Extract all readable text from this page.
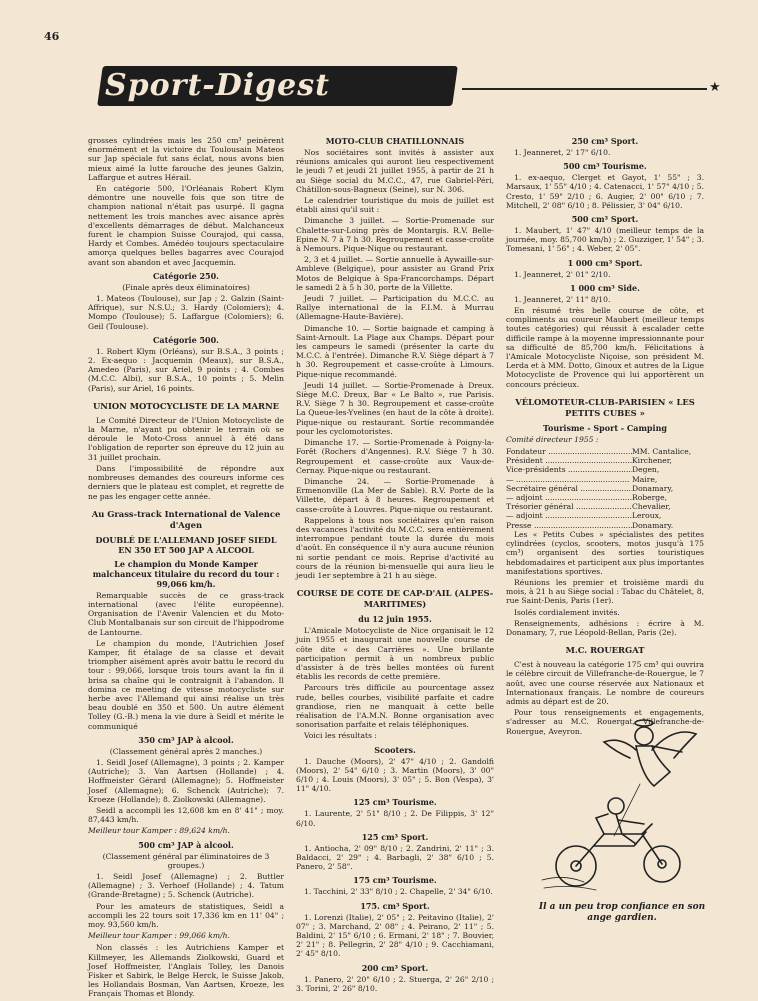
46
Sport-Digest	★

grosses cylindrées mais les 250 cm³ peinèrent énormément et la victoire du Toulousain Mateos sur Jap spéciale fut sans éclat, nous avons bien mieux aimé la lutte farouche des jeunes Galzin, Laffargue et autres Hérail.

En catégorie 500, l'Orléanais Robert Klym démontre une nouvelle fois que son titre de champion national n'était pas usurpé. Il gagna nettement les trois manches avec aisance après d'excellents démarrages de début. Malchanceux furent le champion Suisse Courajod, qui cassa, Hardy et Combes. Amédéo toujours spectaculaire amorça quelques belles bagarres avec Courajod avant son abandon et avec Jacquemin.

Catégorie 250.
(Finale après deux éliminatoires)

1. Mateos (Toulouse), sur Jap ; 2. Galzin (Saint-Affrique), sur N.S.U.; 3. Hardy (Colomiers); 4. Mompo (Toulouse); 5. Laffargue (Colomiers); 6. Geil (Toulouse).

Catégorie 500.

1. Robert Klym (Orléans), sur B.S.A., 3 points ; 2. Ex-aequo : Jacquemin (Meaux), sur B.S.A., Amedeo (Paris), sur Ariel, 9 points ; 4. Combes (M.C.C. Albi), sur B.S.A., 10 points ; 5. Melin (Paris), sur Ariel, 16 points.

UNION MOTOCYCLISTE DE LA MARNE

Le Comité Directeur de l'Union Motocycliste de la Marne, n'ayant pu obtenir le terrain où se déroule le Moto-Cross annuel à été dans l'obligation de reporter son épreuve du 12 juin au 31 juillet prochain.

Dans l'impossibilité de répondre aux nombreuses demandes des coureurs informe ces derniers que le plateau est complet, et regrette de ne pas les engager cette année.

Au Grass-track International de Valence d'Agen
DOUBLÉ DE L'ALLEMAND JOSEF SIEDL EN 350 ET 500 JAP A ALCOOL
Le champion du Monde Kamper malchanceux titulaire du record du tour : 99,066 km/h.

Remarquable succès de ce grass-track international (avec l'élite européenne). Organisation de l'Avenir Valencien et du Moto-Club Montalbanais sur son circuit de l'hippodrome de Lantourne.

Le champion du monde, l'Autrichien Josef Kamper, fit étalage de sa classe et devait triompher aisément après avoir battu le record du tour : 99,066, lorsque trois tours avant la fin il brisa sa chaîne qui le contraignit à l'abandon. Il domina ce meeting de vitesse motocycliste sur herbe avec l'Allemand qui ainsi réalise un très beau doublé en 350 et 500. Un autre élément Tolley (G.-B.) mena la vie dure à Seidl et mérite le communiqué

350 cm³ JAP à alcool.
(Classement général après 2 manches.)

1. Seidl Josef (Allemagne), 3 points ; 2. Kamper (Autriche); 3. Van Aartsen (Hollande) ; 4. Hoffmeister Gérard (Allemagne); 5. Hoffmeister Josef (Allemagne); 6. Schenck (Autriche); 7. Kroeze (Hollande); 8. Ziolkowski (Allemagne).

Seidl a accompli les 12,608 km en 8' 41" ; moy. 87,443 km/h.

Meilleur tour Kamper : 89,624 km/h.

500 cm³ JAP à alcool.
(Classement général par éliminatoires de 3 groupes.)

1. Seidl Josef (Allemagne) ; 2. Buttler (Allemagne) ; 3. Verhoef (Hollande) ; 4. Tatum (Grande-Bretagne) ; 5. Schenck (Autriche).

Pour les amateurs de statistiques, Seidl a accompli les 22 tours soit 17,336 km en 11' 04" ; moy. 93,560 km/h.

Meilleur tour Kamper : 99,066 km/h.

Non classés : les Autrichiens Kamper et Killmeyer, les Allemands Ziolkowski, Guard et Josef Hoffmeister, l'Anglais Tolley, les Danois Fisker et Sabirk, le Belge Herck, le Suisse Jakob, les Hollandais Bosman, Van Aartsen, Kroeze, les Français Thomas et Blondy.

MOTO-CLUB CHATILLONNAIS

Nos sociétaires sont invités à assister aux réunions amicales qui auront lieu respectivement le jeudi 7 et jeudi 21 juillet 1955, à partir de 21 h au Siège social du M.C.C., 47, rue Gabriel-Péri, Châtillon-sous-Bagneux (Seine), sur N. 306.

Le calendrier touristique du mois de juillet est établi ainsi qu'il suit :

Dimanche 3 juillet. — Sortie-Promenade sur Chalette-sur-Loing près de Montargis. R.V. Belle-Epine N. 7 à 7 h 30. Regroupement et casse-croûte à Nemours. Pique-Nique ou restaurant.

2, 3 et 4 juillet. — Sortie annuelle à Aywaille-sur-Ambleve (Belgique), pour assister au Grand Prix Motos de Belgique à Spa-Francorchamps. Départ le samedi 2 à 5 h 30, porte de la Villette.

Jeudi 7 juillet. — Participation du M.C.C. au Rallye international de la F.I.M. à Murrau (Allemagne-Haute-Bavière).

Dimanche 10. — Sortie baignade et camping à Saint-Arnoult. La Plage aux Champs. Départ pour les campeurs le samedi (présenter la carte du M.C.C. à l'entrée). Dimanche R.V. Siège départ à 7 h 30. Regroupement et casse-croûte à Limours. Pique-nique recommandé.

Jeudi 14 juillet. — Sortie-Promenade à Dreux. Siège M.C. Dreux, Bar « Le Balto », rue Parisis. R.V. Siège 7 h 30. Regroupement et casse-croûte La Queue-les-Yvelines (en haut de la côte à droite). Pique-nique ou restaurant. Sortie recommandée pour les cyclomotoristes.

Dimanche 17. — Sortie-Promenade à Poigny-la-Forêt (Rochers d'Angennes). R.V. Siège 7 h 30. Regroupement et casse-croûte aux Vaux-de-Cernay. Pique-nique ou restaurant.

Dimanche 24. — Sortie-Promenade à Ermenonville (La Mer de Sable). R.V. Porte de la Villette, départ à 8 heures. Regroupement et casse-croûte à Louvres. Pique-nique ou restaurant.

Rappelons à tous nos sociétaires qu'en raison des vacances l'activité du M.C.C. sera entièrement interrompue pendant toute la durée du mois d'août. En conséquence il n'y aura aucune réunion ni sortie pendant ce mois. Reprise d'activité au cours de la réunion bi-mensuelle qui aura lieu le jeudi 1er septembre à 21 h au siège.

COURSE DE COTE DE CAP-D'AIL (ALPES-MARITIMES)
du 12 juin 1955.

L'Amicale Motocycliste de Nice organisait le 12 juin 1955 et inaugurait une nouvelle course de côte dite « des Carrières ». Une brillante participation permit à un nombreux public d'assister à de très belles montées où furent établis les records de cette première.

Parcours très difficile au pourcentage assez rude, belles courbes, visibilité parfaite et cadre grandiose, rien ne manquait à cette belle réalisation de l'A.M.N. Bonne organisation avec sonorisation parfaite et relais téléphoniques.

Voici les résultats :

Scooters.

1. Dauche (Moors), 2' 47" 4/10 ; 2. Gandolfi (Moors), 2' 54" 6/10 ; 3. Martin (Moors), 3' 00" 6/10 ; 4. Louis (Moors), 3' 05" ; 5. Bon (Vespa), 3' 11" 4/10.

125 cm³ Tourisme.

1. Laurente, 2' 51" 8/10 ; 2. De Filippis, 3' 12" 6/10.

125 cm³ Sport.

1. Antiocha, 2' 09" 8/10 ; 2. Zandrini, 2' 11" ; 3. Baldacci, 2' 29" ; 4. Barbagli, 2' 38" 6/10 ; 5. Panero, 2' 58".

175 cm³ Tourisme.

1. Tacchini, 2' 33" 8/10 ; 2. Chapelle, 2' 34" 6/10.

175. cm³ Sport.

1. Lorenzi (Italie), 2' 05" ; 2. Peitavino (Italie), 2' 07" ; 3. Marchand, 2' 08" ; 4. Peirano, 2' 11" ; 5. Baldini, 2' 15" 6/10 ; 6. Ermani, 2' 18" ; 7. Bouvier, 2' 21" ; 8. Pellegrin, 2' 28" 4/10 ; 9. Cacchiamani, 2' 45" 8/10.

200 cm³ Sport.

1. Panero, 2' 20" 6/10 ; 2. Stuerga, 2' 26" 2/10 ; 3. Torini, 2' 26" 8/10.

250 cm³ Sport.

1. Jeanneret, 2' 17" 6/10.

500 cm³ Tourisme.

1. ex-aequo, Clerget et Gayot, 1' 55" ; 3. Marsaux, 1' 55" 4/10 ; 4. Catenacci, 1' 57" 4/10 ; 5. Cresto, 1' 59" 2/10 ; 6. Augier, 2' 00" 6/10 ; 7. Mitchell, 2' 08" 6/10 ; 8. Pélissier, 3' 04" 6/10.

500 cm³ Sport.

1. Maubert, 1' 47" 4/10 (meilleur temps de la journée, moy. 85,700 km/h) ; 2. Guzziger, 1' 54" ; 3. Tomesani, 1' 56" ; 4. Weber, 2' 05".

1 000 cm³ Sport.

1. Jeanneret, 2' 01" 2/10.

1 000 cm³ Side.

1. Jeanneret, 2' 11" 8/10.

En résumé très belle course de côte, et compliments au coureur Maubert (meilleur temps toutes catégories) qui réussit à escalader cette difficile rampe à la moyenne impressionnante pour sa difficulté de 85,700 km/h. Félicitations à l'Amicale Motocycliste Niçoise, son président M. Lerda et à MM. Dotto, Ginoux et autres de la Ligue Motocycliste de Provence qui lui apportèrent un concours précieux.

VÉLOMOTEUR-CLUB-PARISIEN « LES PETITS CUBES »
Tourisme - Sport - Camping

Comité directeur 1955 :

Fondateur .....	MM. Cantalice,
Président .....	Kirchener,
Vice-présidents .....	Degen,
— .....	Maire,
Secrétaire général .....	Donamary,
— adjoint .....	Roberge,
Trésorier général .....	Chevalier,
— adjoint .....	Leroux,
Presse .....	Donamary.

Les « Petits Cubes » spécialistes des petites cylindrées (cyclos, scooters, motos jusqu'à 175 cm³) organisent des sorties touristiques hebdomadaires et participent aux plus importantes manifestations sportives.

Réunions les premier et troisième mardi du mois, à 21 h au Siège social : Tabac du Châtelet, 8, rue Saint-Denis, Paris (1er).

Isolés cordialement invités.

Renseignements, adhésions : écrire à M. Donamary, 7, rue Léopold-Bellan, Paris (2e).

M.C. ROUERGAT

C'est à nouveau la catégorie 175 cm³ qui ouvrira le célèbre circuit de Villefranche-de-Rouergue, le 7 août, avec une course réservée aux Nationaux et Internationaux français. Le nombre de coureurs admis au départ est de 20.

Pour tous renseignements et engagements, s'adresser au M.C. Rouergat, Villefranche-de-Rouergue, Aveyron.

Il a un peu trop confiance en son ange gardien.
